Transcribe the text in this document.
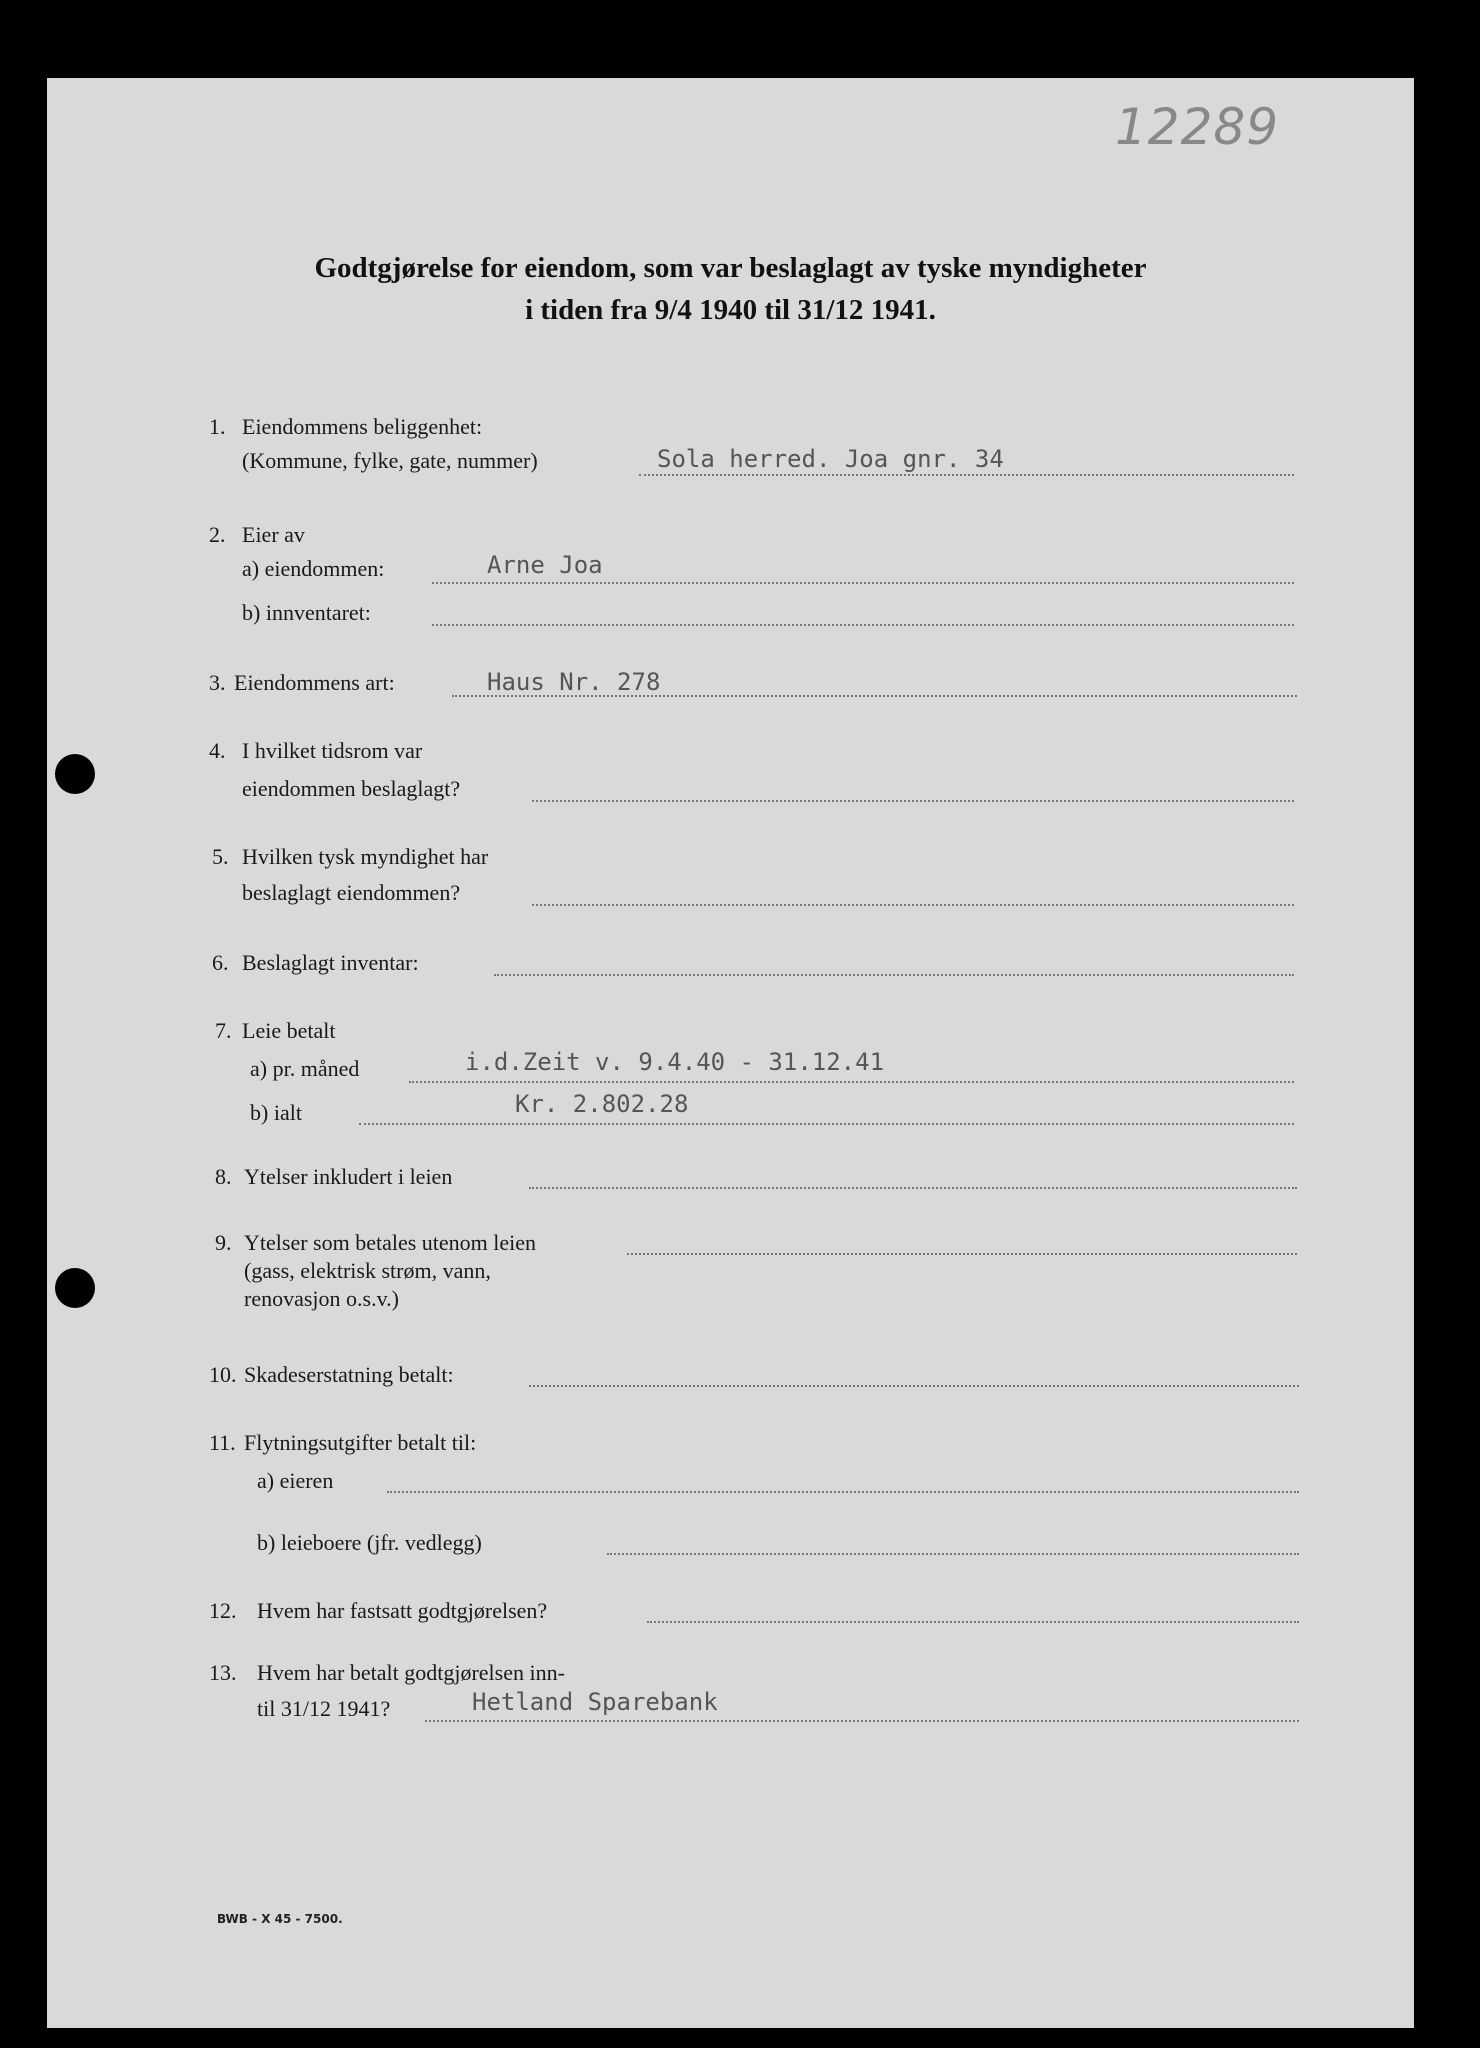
12289
Godtgjørelse for eiendom, som var beslaglagt av tyske myndigheter
i tiden fra 9/4 1940 til 31/12 1941.
1. Eiendommens beliggenhet:
(Kommune, fylke, gate, nummer)	Sola herred. Joa gnr. 34
2. Eier av
a) eiendommen:	Arne Joa
b) innventaret:
3. Eiendommens art:	Haus Nr. 278
4. I hvilket tidsrom var
eiendommen beslaglagt?
5. Hvilken tysk myndighet har
beslaglagt eiendommen?
6. Beslaglagt inventar:
7. Leie betalt
a) pr. måned	i.d.Zeit v. 9.4.40 - 31.12.41
b) ialt	Kr. 2.802.28
8. Ytelser inkludert i leien
9. Ytelser som betales utenom leien
(gass, elektrisk strøm, vann,
renovasjon o.s.v.)
10. Skadeserstatning betalt:
11. Flytningsutgifter betalt til:
a) eieren
b) leieboere (jfr. vedlegg)
12. Hvem har fastsatt godtgjørelsen?
13. Hvem har betalt godtgjørelsen inn-
til 31/12 1941?	Hetland Sparebank
BWB - X 45 - 7500.
